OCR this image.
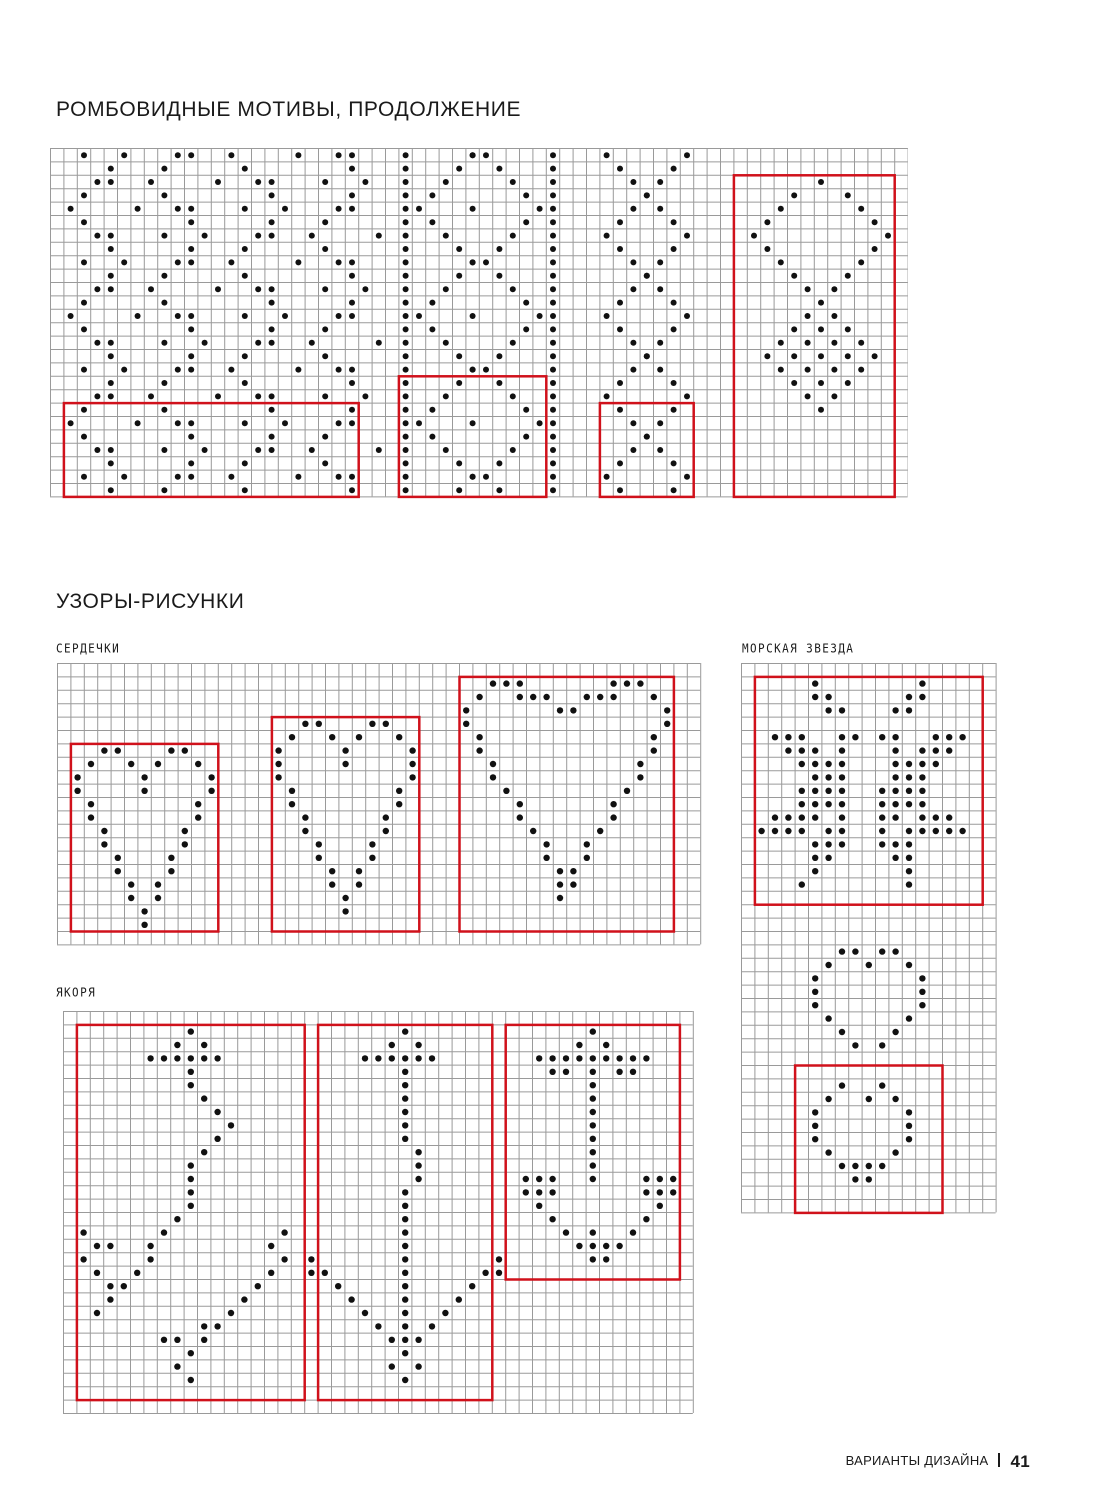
РОМБОВИДНЫЕ МОТИВЫ, ПРОДОЛЖЕНИЕ
УЗОРЫ-РИСУНКИ
СЕРДЕЧКИ
ЯКОРЯ
МОРСКАЯ ЗВЕЗДА
ВАРИАНТЫ ДИЗАЙНА 41
